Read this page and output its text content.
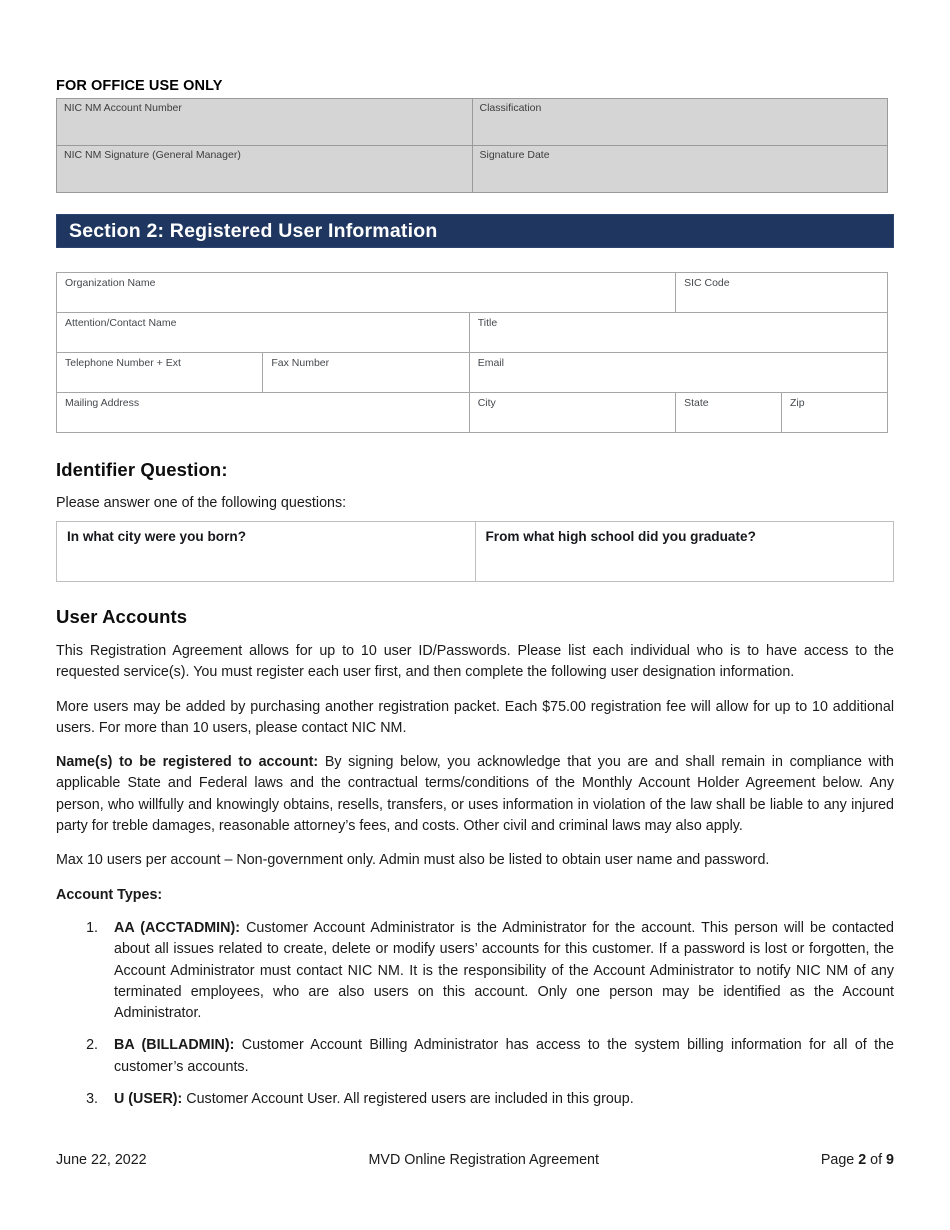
FOR OFFICE USE ONLY
NIC NM Account Number	Classification
NIC NM Signature (General Manager)	Signature Date
Section 2: Registered User Information
Organization Name			SIC Code	
Attention/Contact Name		Title		
Telephone Number + Ext	Fax Number	Email		
Mailing Address		City	State	Zip
Identifier Question:

Please answer one of the following questions:

In what city were you born?	From what high school did you graduate?
User Accounts

This Registration Agreement allows for up to 10 user ID/Passwords. Please list each individual who is to have access to the requested service(s). You must register each user first, and then complete the following user designation information.

More users may be added by purchasing another registration packet. Each $75.00 registration fee will allow for up to 10 additional users. For more than 10 users, please contact NIC NM.

Name(s) to be registered to account: By signing below, you acknowledge that you are and shall remain in compliance with applicable State and Federal laws and the contractual terms/conditions of the Monthly Account Holder Agreement below. Any person, who willfully and knowingly obtains, resells, transfers, or uses information in violation of the law shall be liable to any injured party for treble damages, reasonable attorney’s fees, and costs. Other civil and criminal laws may also apply.

Max 10 users per account – Non-government only. Admin must also be listed to obtain user name and password.

Account Types:

1. AA (ACCTADMIN): Customer Account Administrator is the Administrator for the account. This person will be contacted about all issues related to create, delete or modify users’ accounts for this customer. If a password is lost or forgotten, the Account Administrator must contact NIC NM. It is the responsibility of the Account Administrator to notify NIC NM of any terminated employees, who are also users on this account. Only one person may be identified as the Account Administrator.
2. BA (BILLADMIN): Customer Account Billing Administrator has access to the system billing information for all of the customer’s accounts.
3. U (USER): Customer Account User. All registered users are included in this group.
June 22, 2022	MVD Online Registration Agreement	Page 2 of 9
